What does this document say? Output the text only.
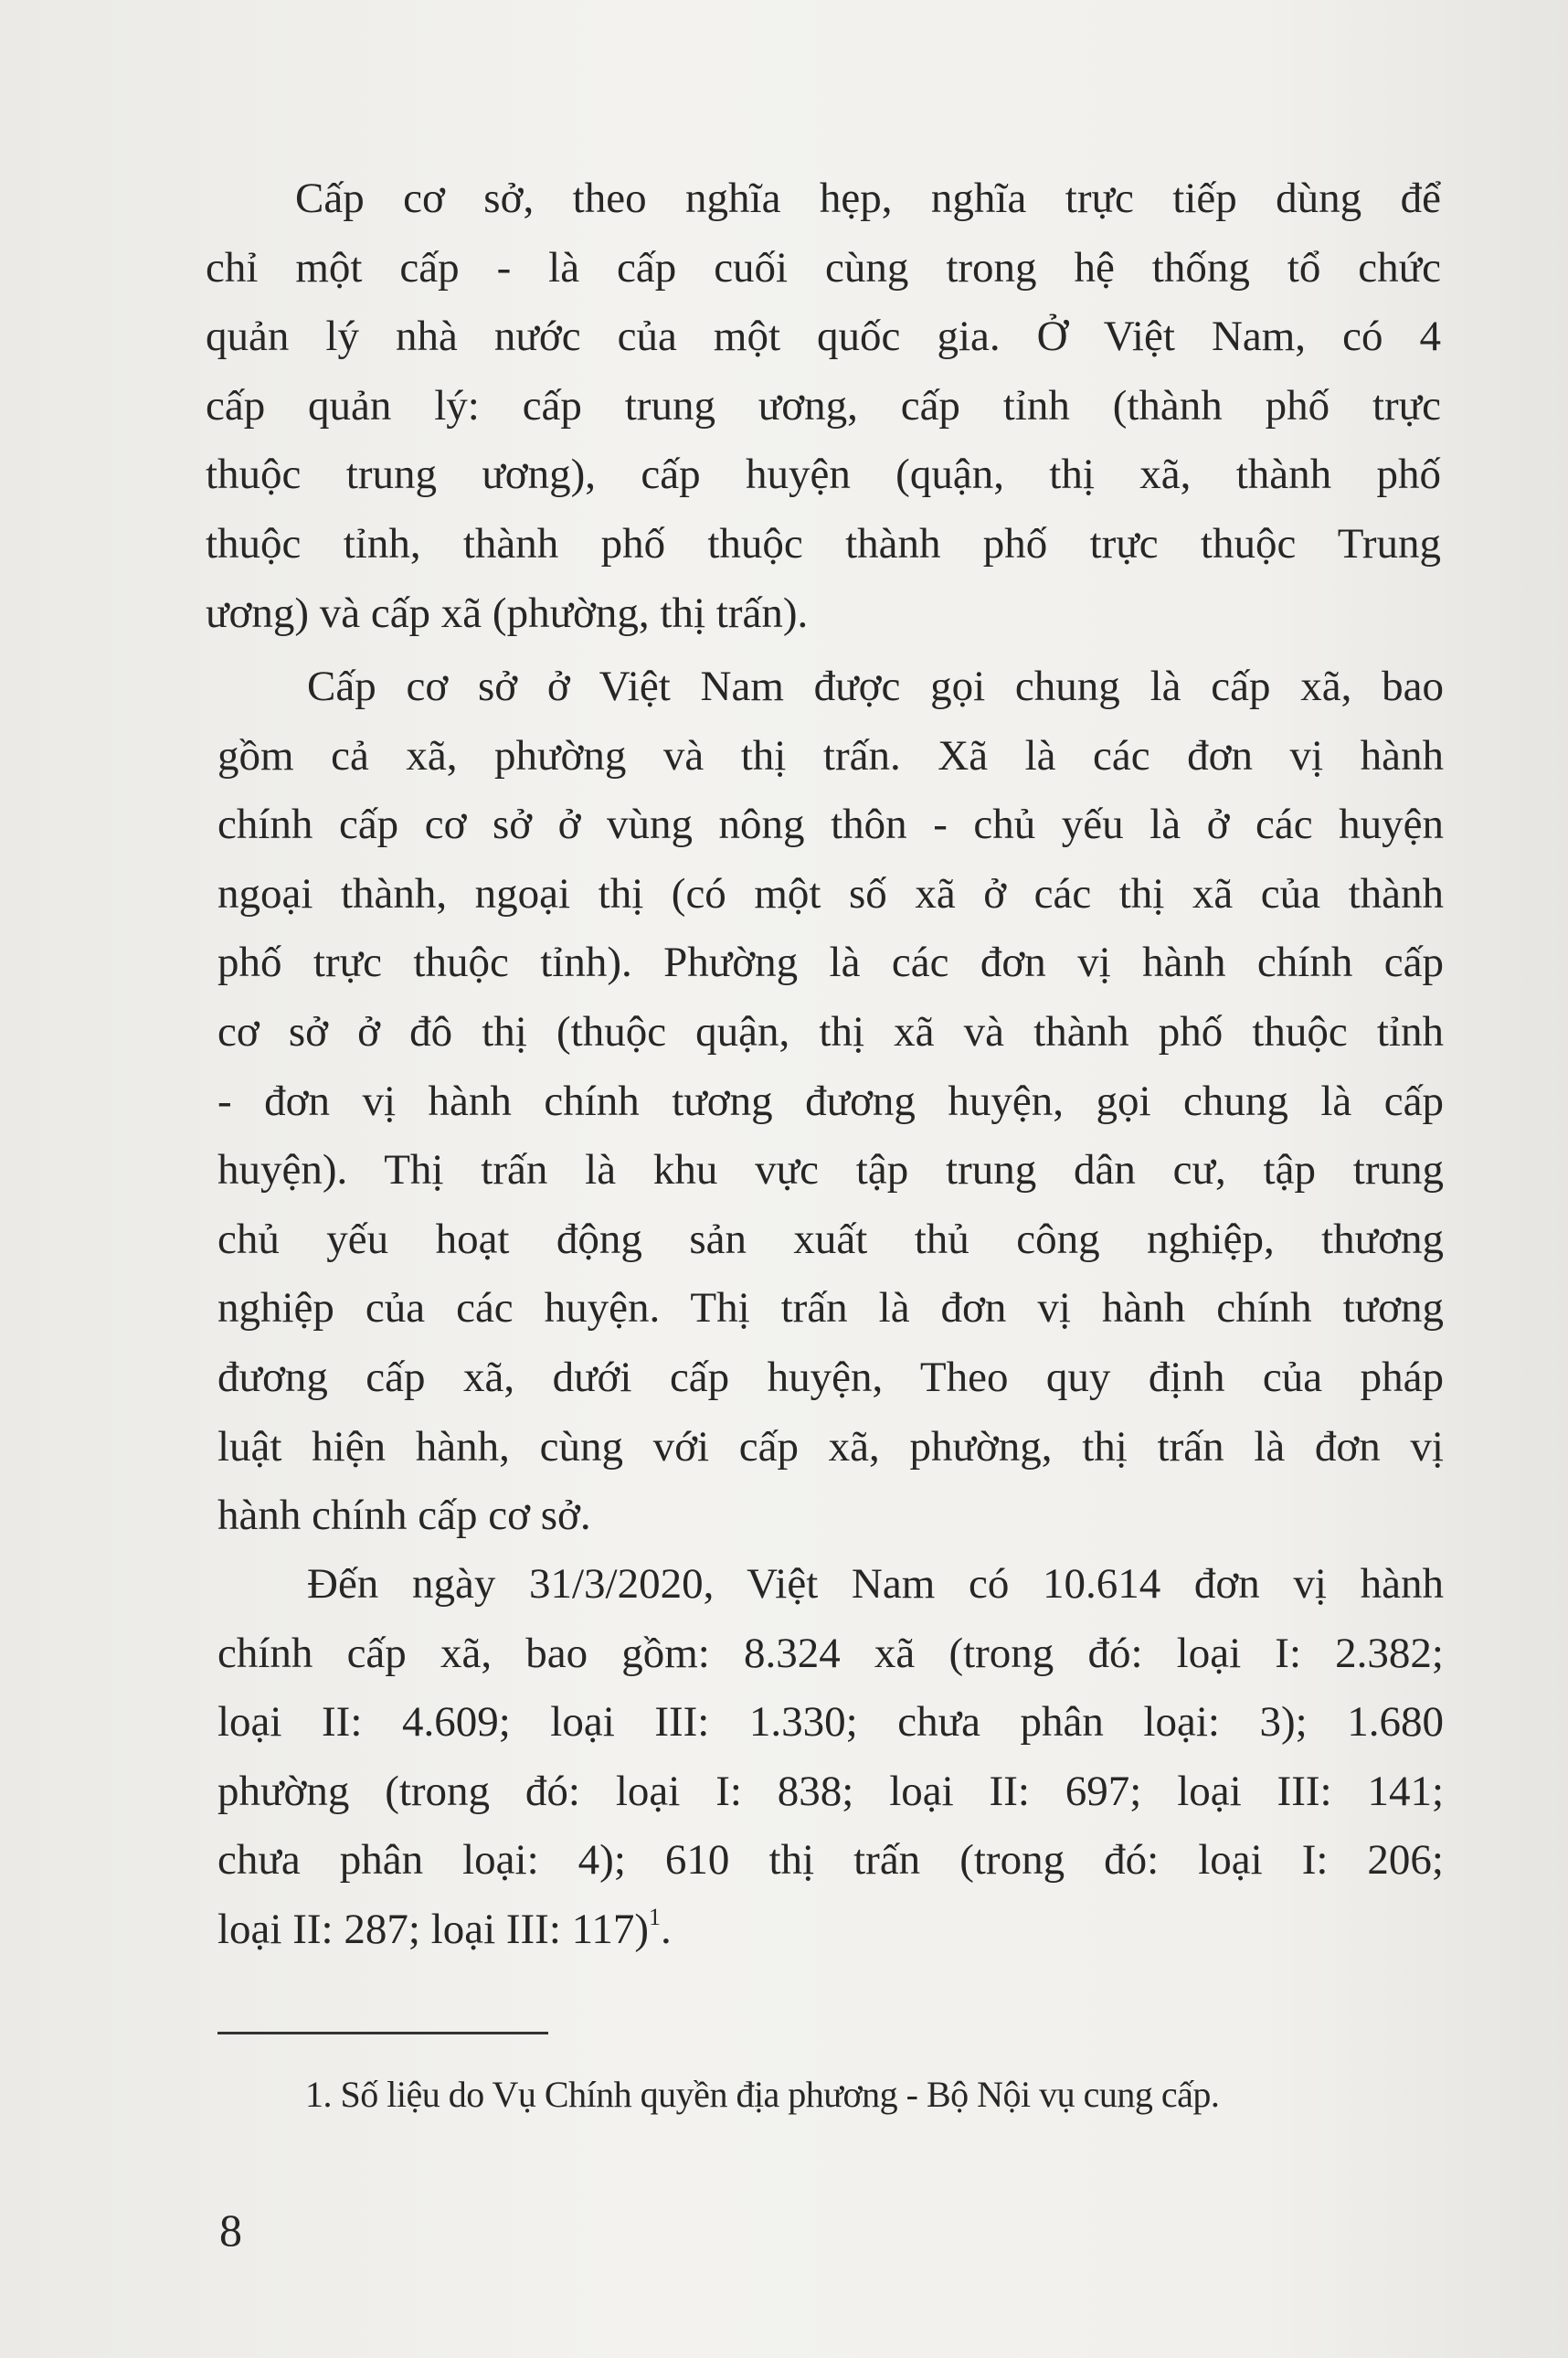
Cấp cơ sở, theo nghĩa hẹp, nghĩa trực tiếp dùng để
chỉ một cấp - là cấp cuối cùng trong hệ thống tổ chức
quản lý nhà nước của một quốc gia. Ở Việt Nam, có 4
cấp quản lý: cấp trung ương, cấp tỉnh (thành phố trực
thuộc trung ương), cấp huyện (quận, thị xã, thành phố
thuộc tỉnh, thành phố thuộc thành phố trực thuộc Trung
ương) và cấp xã (phường, thị trấn).
Cấp cơ sở ở Việt Nam được gọi chung là cấp xã, bao
gồm cả xã, phường và thị trấn. Xã là các đơn vị hành
chính cấp cơ sở ở vùng nông thôn - chủ yếu là ở các huyện
ngoại thành, ngoại thị (có một số xã ở các thị xã của thành
phố trực thuộc tỉnh). Phường là các đơn vị hành chính cấp
cơ sở ở đô thị (thuộc quận, thị xã và thành phố thuộc tỉnh
- đơn vị hành chính tương đương huyện, gọi chung là cấp
huyện). Thị trấn là khu vực tập trung dân cư, tập trung
chủ yếu hoạt động sản xuất thủ công nghiệp, thương
nghiệp của các huyện. Thị trấn là đơn vị hành chính tương
đương cấp xã, dưới cấp huyện, Theo quy định của pháp
luật hiện hành, cùng với cấp xã, phường, thị trấn là đơn vị
hành chính cấp cơ sở.
Đến ngày 31/3/2020, Việt Nam có 10.614 đơn vị hành
chính cấp xã, bao gồm: 8.324 xã (trong đó: loại I: 2.382;
loại II: 4.609; loại III: 1.330; chưa phân loại: 3); 1.680
phường (trong đó: loại I: 838; loại II: 697; loại III: 141;
chưa phân loại: 4); 610 thị trấn (trong đó: loại I: 206;
loại II: 287; loại III: 117)$^1$.
1. Số liệu do Vụ Chính quyền địa phương - Bộ Nội vụ cung cấp.
8
